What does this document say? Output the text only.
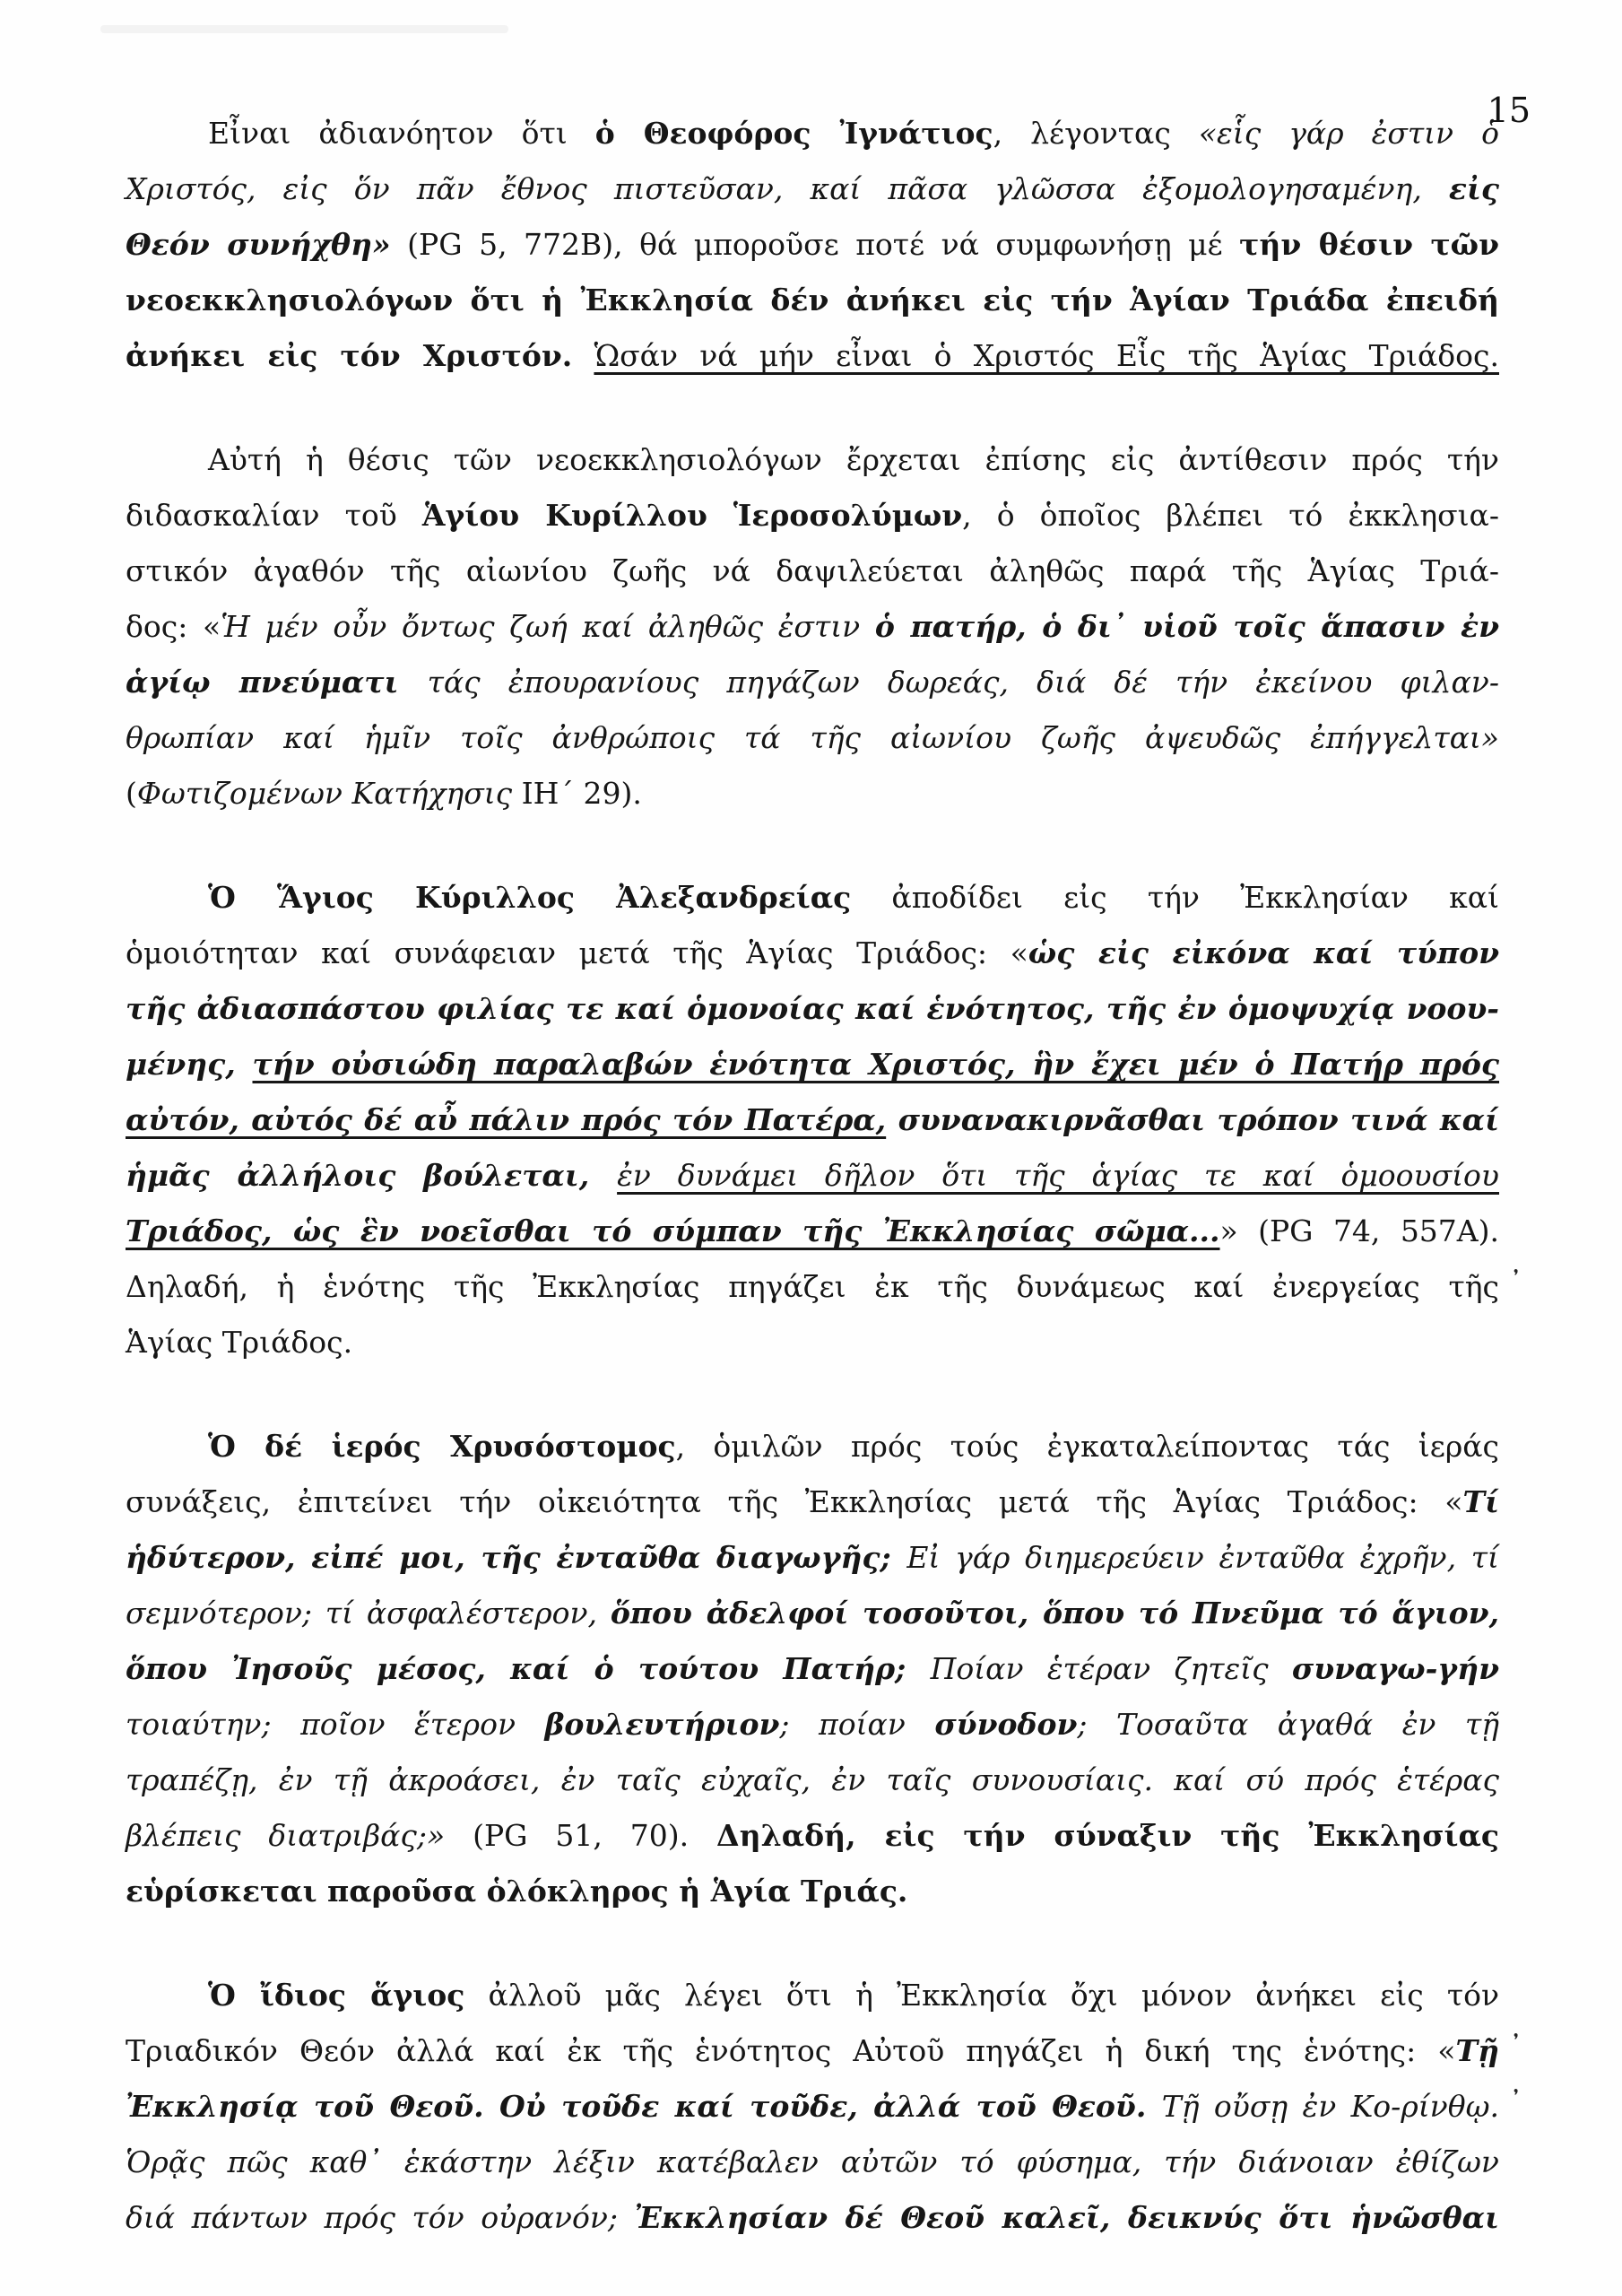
15
Εἶναι ἀδιανόητον ὅτι ὁ Θεοφόρος Ἰγνάτιος, λέγοντας «εἷς γάρ ἐστιν ὁ
Χριστός, εἰς ὅν πᾶν ἔθνος πιστεῦσαν, καί πᾶσα γλῶσσα ἐξομολογησαμένη, εἰς
Θεόν συνήχθη» (PG 5, 772B), θά μποροῦσε ποτέ νά συμφωνήσῃ μέ τήν θέσιν τῶν
νεοεκκλησιολόγων ὅτι ἡ Ἐκκλησία δέν ἀνήκει εἰς τήν Ἁγίαν Τριάδα ἐπειδή
ἀνήκει εἰς τόν Χριστόν. Ὡσάν νά μήν εἶναι ὁ Χριστός Εἷς τῆς Ἁγίας Τριάδος.
Αὐτή ἡ θέσις τῶν νεοεκκλησιολόγων ἔρχεται ἐπίσης εἰς ἀντίθεσιν πρός τήν
διδασκαλίαν τοῦ Ἁγίου Κυρίλλου Ἱεροσολύμων, ὁ ὁποῖος βλέπει τό ἐκκλησια-
στικόν ἀγαθόν τῆς αἰωνίου ζωῆς νά δαψιλεύεται ἀληθῶς παρά τῆς Ἁγίας Τριά-
δος: «Ἡ μέν οὖν ὄντως ζωή καί ἀληθῶς ἐστιν ὁ πατήρ, ὁ δι᾿ υἱοῦ τοῖς ἅπασιν ἐν
ἁγίῳ πνεύματι τάς ἐπουρανίους πηγάζων δωρεάς, διά δέ τήν ἐκείνου φιλαν-
θρωπίαν καί ἡμῖν τοῖς ἀνθρώποις τά τῆς αἰωνίου ζωῆς ἀψευδῶς ἐπήγγελται»
(Φωτιζομένων Κατήχησις ΙΗ΄ 29).
Ὁ Ἅγιος Κύριλλος Ἀλεξανδρείας ἀποδίδει εἰς τήν Ἐκκλησίαν καί
ὁμοιότηταν καί συνάφειαν μετά τῆς Ἁγίας Τριάδος: «ὡς εἰς εἰκόνα καί τύπον
τῆς ἀδιασπάστου φιλίας τε καί ὁμονοίας καί ἑνότητος, τῆς ἐν ὁμοψυχίᾳ νοου-
μένης, τήν οὐσιώδη παραλαβών ἑνότητα Χριστός, ἣν ἔχει μέν ὁ Πατήρ πρός
αὐτόν, αὐτός δέ αὖ πάλιν πρός τόν Πατέρα, συνανακιρνᾶσθαι τρόπον τινά καί
ἡμᾶς ἀλλήλοις βούλεται, ἐν δυνάμει δῆλον ὅτι τῆς ἁγίας τε καί ὁμοουσίου
Τριάδος, ὡς ἓν νοεῖσθαι τό σύμπαν τῆς Ἐκκλησίας σῶμα...» (PG 74, 557A).
Δηλαδή, ἡ ἑνότης τῆς Ἐκκλησίας πηγάζει ἐκ τῆς δυνάμεως καί ἐνεργείας τῆς ᾿
Ἁγίας Τριάδος.
Ὁ δέ ἱερός Χρυσόστομος, ὁμιλῶν πρός τούς ἐγκαταλείποντας τάς ἱεράς
συνάξεις, ἐπιτείνει τήν οἰκειότητα τῆς Ἐκκλησίας μετά τῆς Ἁγίας Τριάδος: «Τί
ἡδύτερον, εἰπέ μοι, τῆς ἐνταῦθα διαγωγῆς; Εἰ γάρ διημερεύειν ἐνταῦθα ἐχρῆν, τί
σεμνότερον; τί ἀσφαλέστερον, ὅπου ἀδελφοί τοσοῦτοι, ὅπου τό Πνεῦμα τό ἅγιον,
ὅπου Ἰησοῦς μέσος, καί ὁ τούτου Πατήρ; Ποίαν ἑτέραν ζητεῖς συναγω-γήν
τοιαύτην; ποῖον ἕτερον βουλευτήριον; ποίαν σύνοδον; Τοσαῦτα ἀγαθά ἐν τῇ
τραπέζῃ, ἐν τῇ ἀκροάσει, ἐν ταῖς εὐχαῖς, ἐν ταῖς συνουσίαις. καί σύ πρός ἑτέρας
βλέπεις διατριβάς;» (PG 51, 70). Δηλαδή, εἰς τήν σύναξιν τῆς Ἐκκλησίας
εὑρίσκεται παροῦσα ὁλόκληρος ἡ Ἁγία Τριάς.
Ὁ ἴδιος ἅγιος ἀλλοῦ μᾶς λέγει ὅτι ἡ Ἐκκλησία ὄχι μόνον ἀνήκει εἰς τόν
Τριαδικόν Θεόν ἀλλά καί ἐκ τῆς ἑνότητος Αὐτοῦ πηγάζει ἡ δική της ἑνότης: «Τῇ ᾿
Ἐκκλησίᾳ τοῦ Θεοῦ. Οὐ τοῦδε καί τοῦδε, ἀλλά τοῦ Θεοῦ. Τῇ οὔσῃ ἐν Κο-ρίνθῳ. ᾿
Ὁρᾷς πῶς καθ᾿ ἑκάστην λέξιν κατέβαλεν αὐτῶν τό φύσημα, τήν διάνοιαν ἐθίζων
διά πάντων πρός τόν οὐρανόν; Ἐκκλησίαν δέ Θεοῦ καλεῖ, δεικνύς ὅτι ἡνῶσθαι
